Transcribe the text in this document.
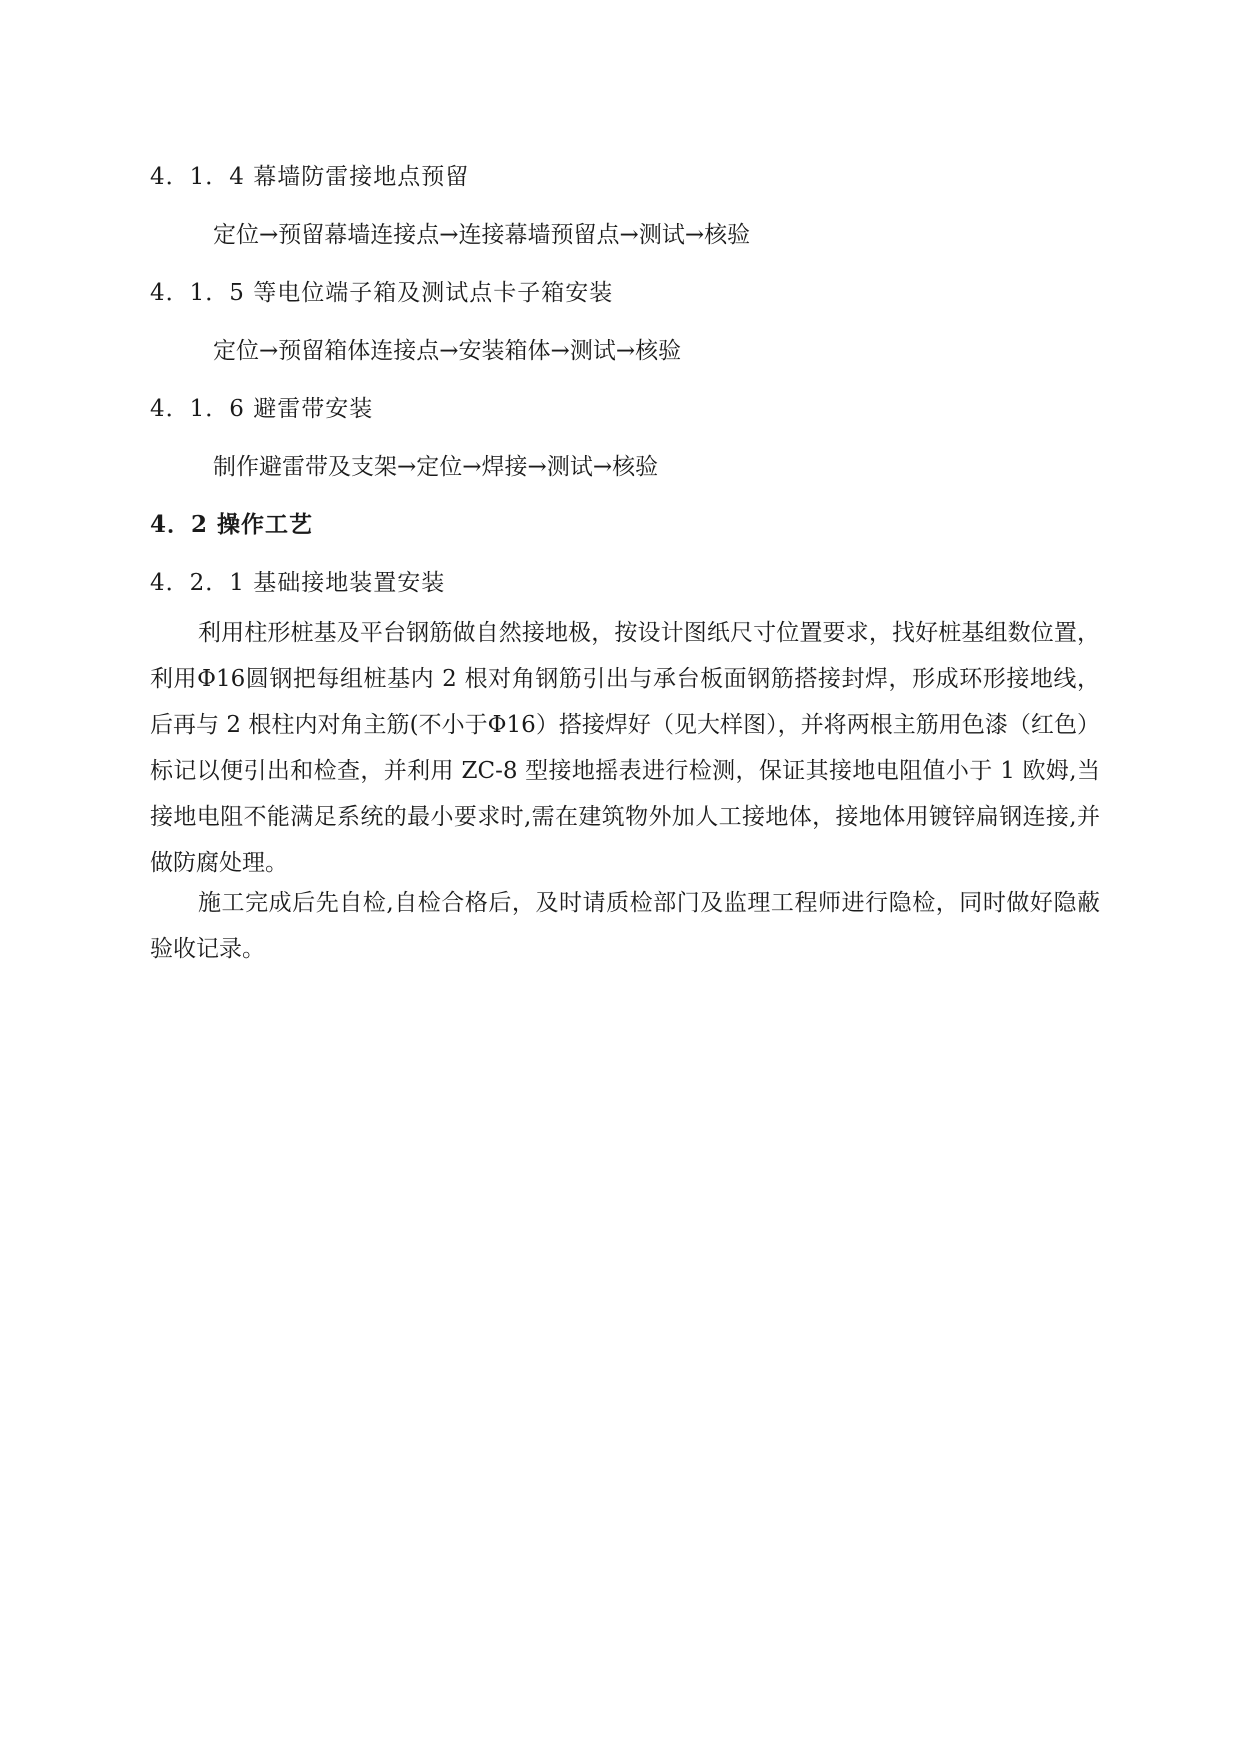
4．1．4 幕墙防雷接地点预留
定位→预留幕墙连接点→连接幕墙预留点→测试→核验
4．1．5 等电位端子箱及测试点卡子箱安装
定位→预留箱体连接点→安装箱体→测试→核验
4．1．6 避雷带安装
制作避雷带及支架→定位→焊接→测试→核验
4．2 操作工艺
4．2．1 基础接地装置安装
利用柱形桩基及平台钢筋做自然接地极，按设计图纸尺寸位置要求，找好桩基组数位置，利用Φ16圆钢把每组桩基内 2 根对角钢筋引出与承台板面钢筋搭接封焊，形成环形接地线，后再与 2 根柱内对角主筋(不小于Φ16）搭接焊好（见大样图），并将两根主筋用色漆（红色）标记以便引出和检查，并利用 ZC-8 型接地摇表进行检测，保证其接地电阻值小于 1 欧姆,当接地电阻不能满足系统的最小要求时,需在建筑物外加人工接地体，接地体用镀锌扁钢连接,并做防腐处理。
施工完成后先自检,自检合格后，及时请质检部门及监理工程师进行隐检，同时做好隐蔽验收记录。
